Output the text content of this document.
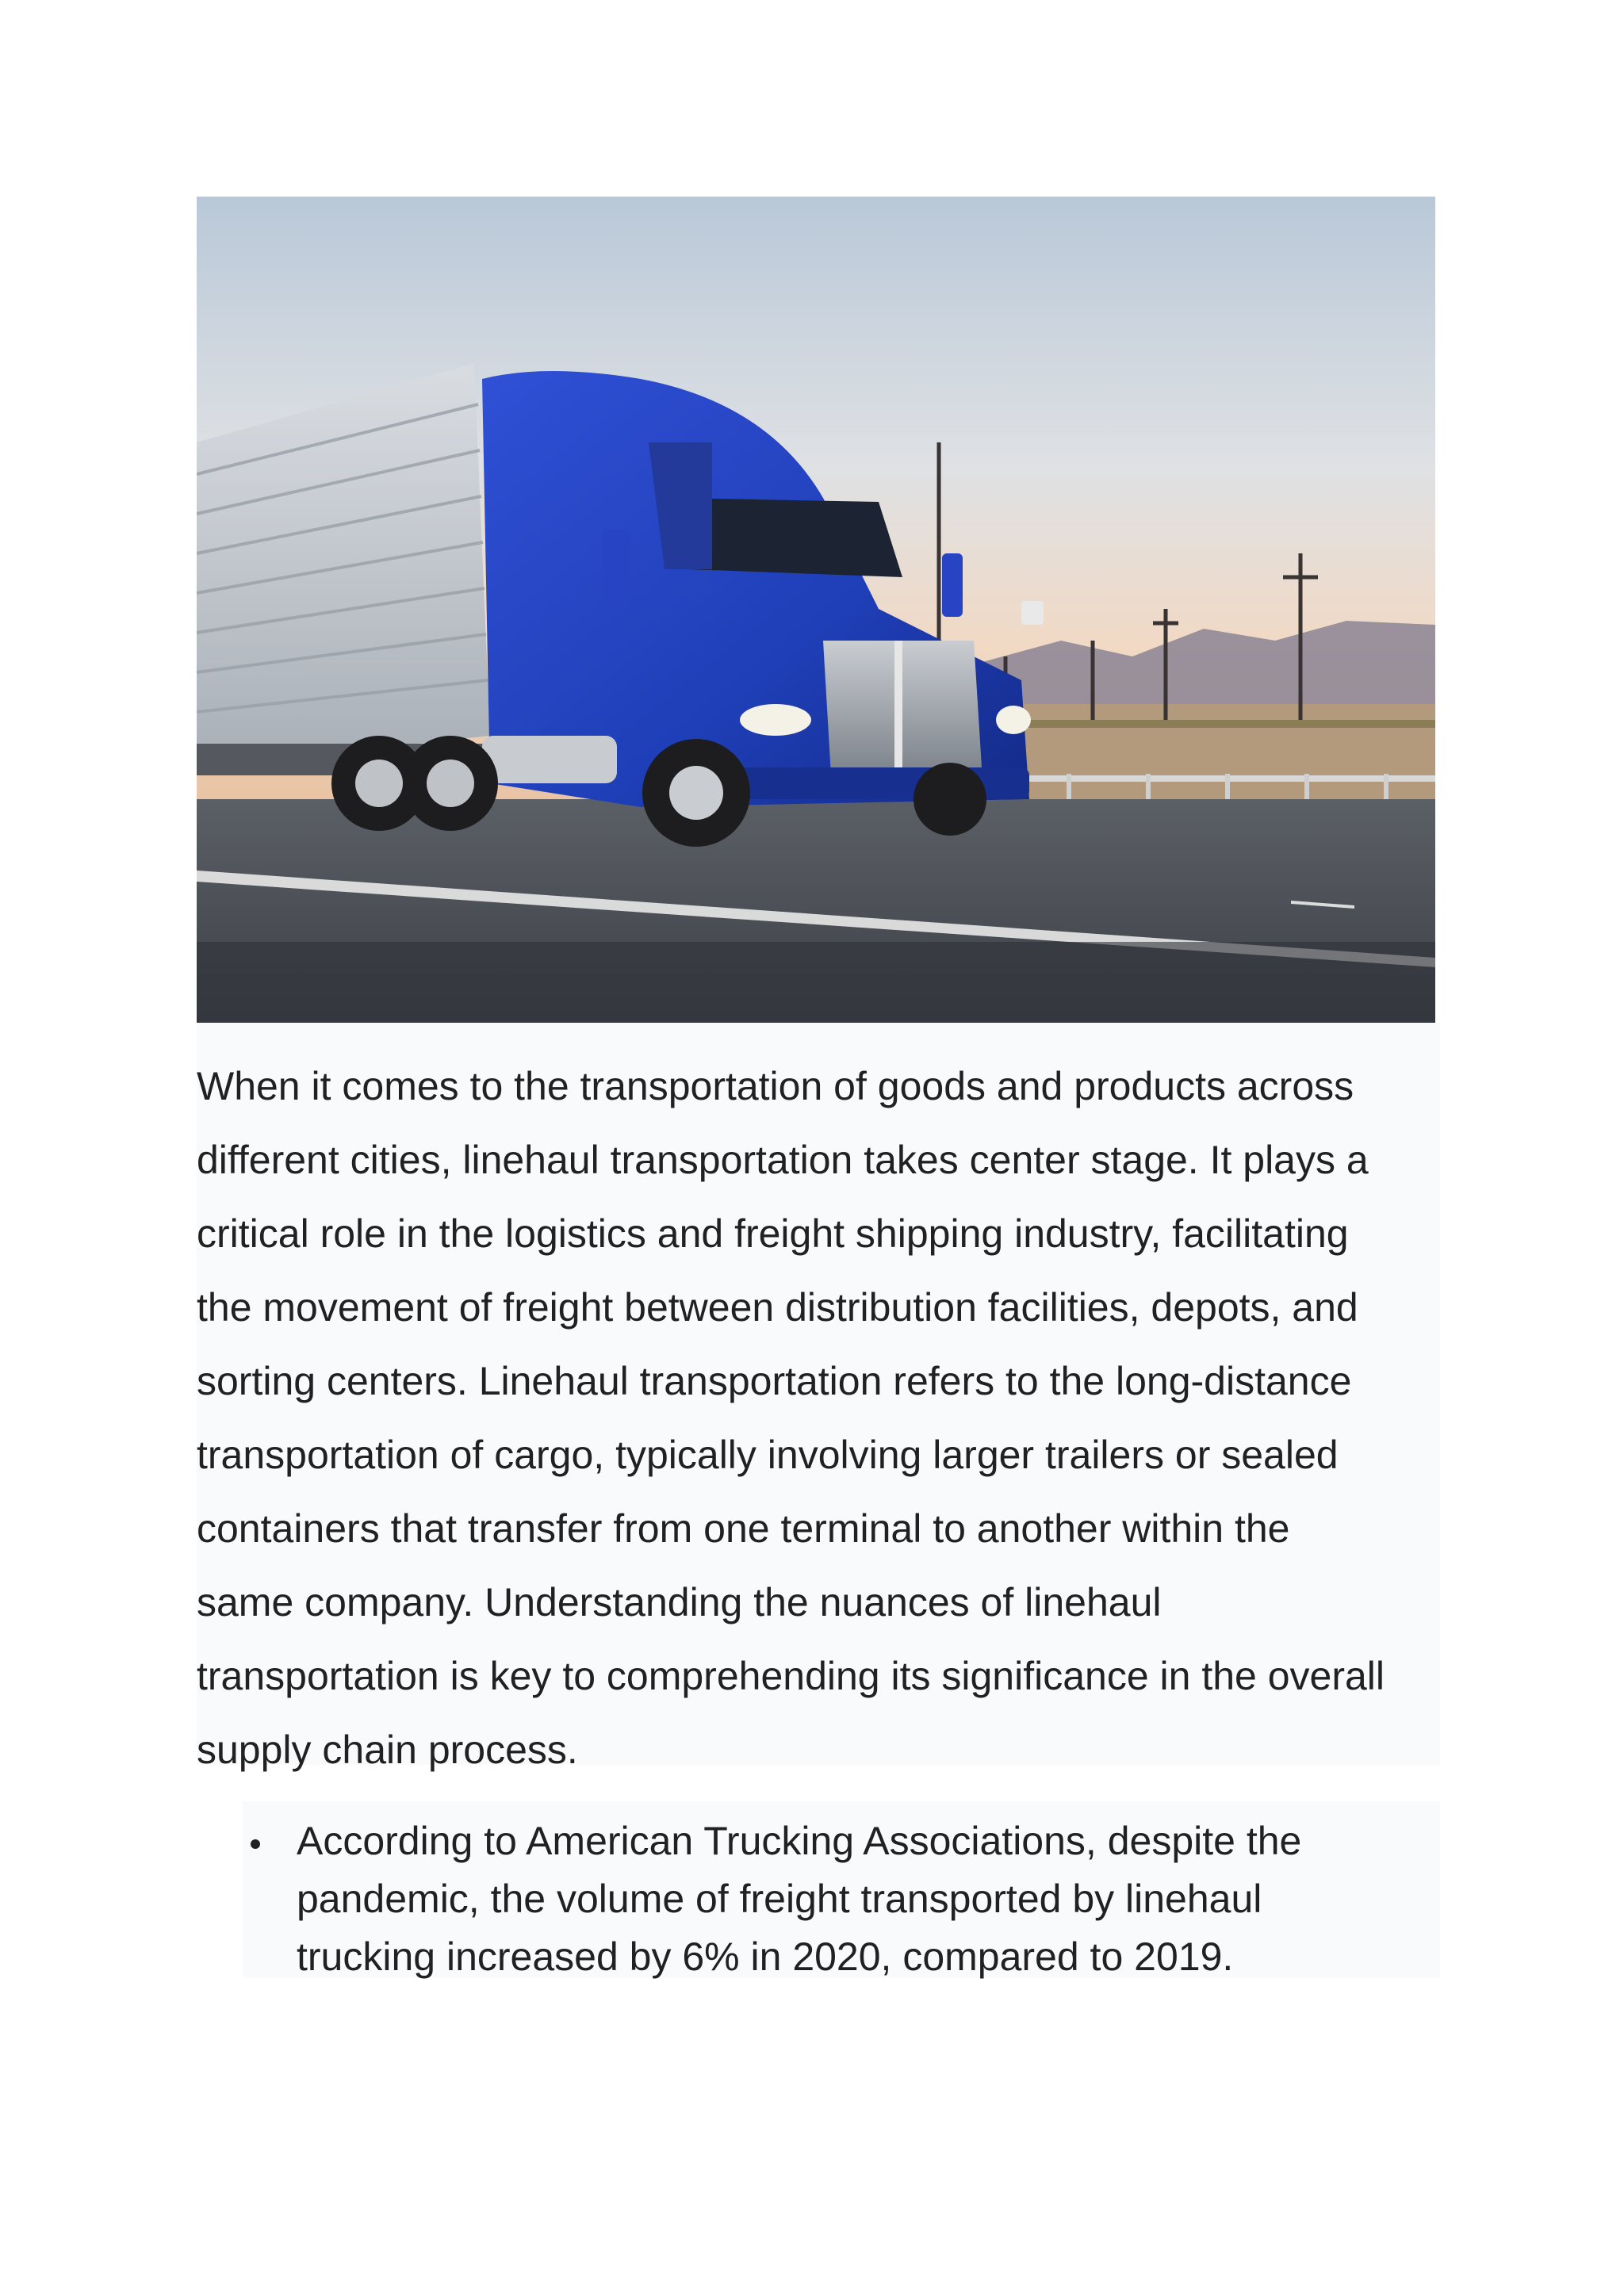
When it comes to the transportation of goods and products across
different cities, linehaul transportation takes center stage. It plays a
critical role in the logistics and freight shipping industry, facilitating
the movement of freight between distribution facilities, depots, and
sorting centers. Linehaul transportation refers to the long-distance
transportation of cargo, typically involving larger trailers or sealed
containers that transfer from one terminal to another within the
same company. Understanding the nuances of linehaul
transportation is key to comprehending its significance in the overall
supply chain process.

According to American Trucking Associations, despite the
pandemic, the volume of freight transported by linehaul
trucking increased by 6% in 2020, compared to 2019.
